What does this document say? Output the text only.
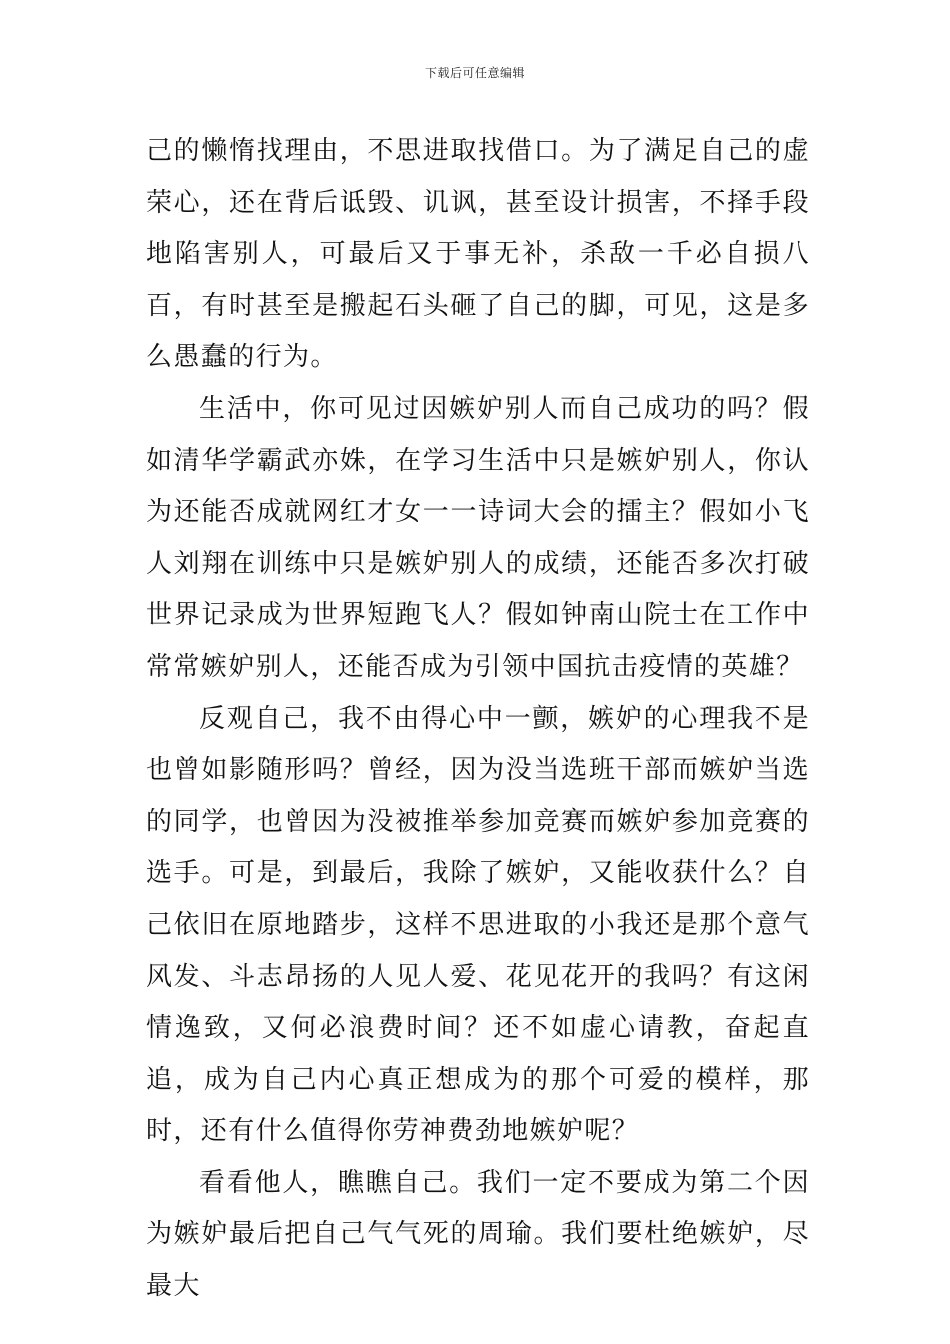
下载后可任意编辑

己的懒惰找理由，不思进取找借口。为了满足自己的虚荣心，还在背后诋毁、讥讽，甚至设计损害，不择手段地陷害别人，可最后又于事无补，杀敌一千必自损八百，有时甚至是搬起石头砸了自己的脚，可见，这是多么愚蠢的行为。

生活中，你可见过因嫉妒别人而自己成功的吗？假如清华学霸武亦姝，在学习生活中只是嫉妒别人，你认为还能否成就网红才女一一诗词大会的擂主？假如小飞人刘翔在训练中只是嫉妒别人的成绩，还能否多次打破世界记录成为世界短跑飞人？假如钟南山院士在工作中常常嫉妒别人，还能否成为引领中国抗击疫情的英雄？

反观自己，我不由得心中一颤，嫉妒的心理我不是也曾如影随形吗？曾经，因为没当选班干部而嫉妒当选的同学，也曾因为没被推举参加竞赛而嫉妒参加竞赛的选手。可是，到最后，我除了嫉妒，又能收获什么？自己依旧在原地踏步，这样不思进取的小我还是那个意气风发、斗志昂扬的人见人爱、花见花开的我吗？有这闲情逸致，又何必浪费时间？还不如虚心请教，奋起直追，成为自己内心真正想成为的那个可爱的模样，那时，还有什么值得你劳神费劲地嫉妒呢？

看看他人，瞧瞧自己。我们一定不要成为第二个因为嫉妒最后把自己气气死的周瑜。我们要杜绝嫉妒，尽最大
